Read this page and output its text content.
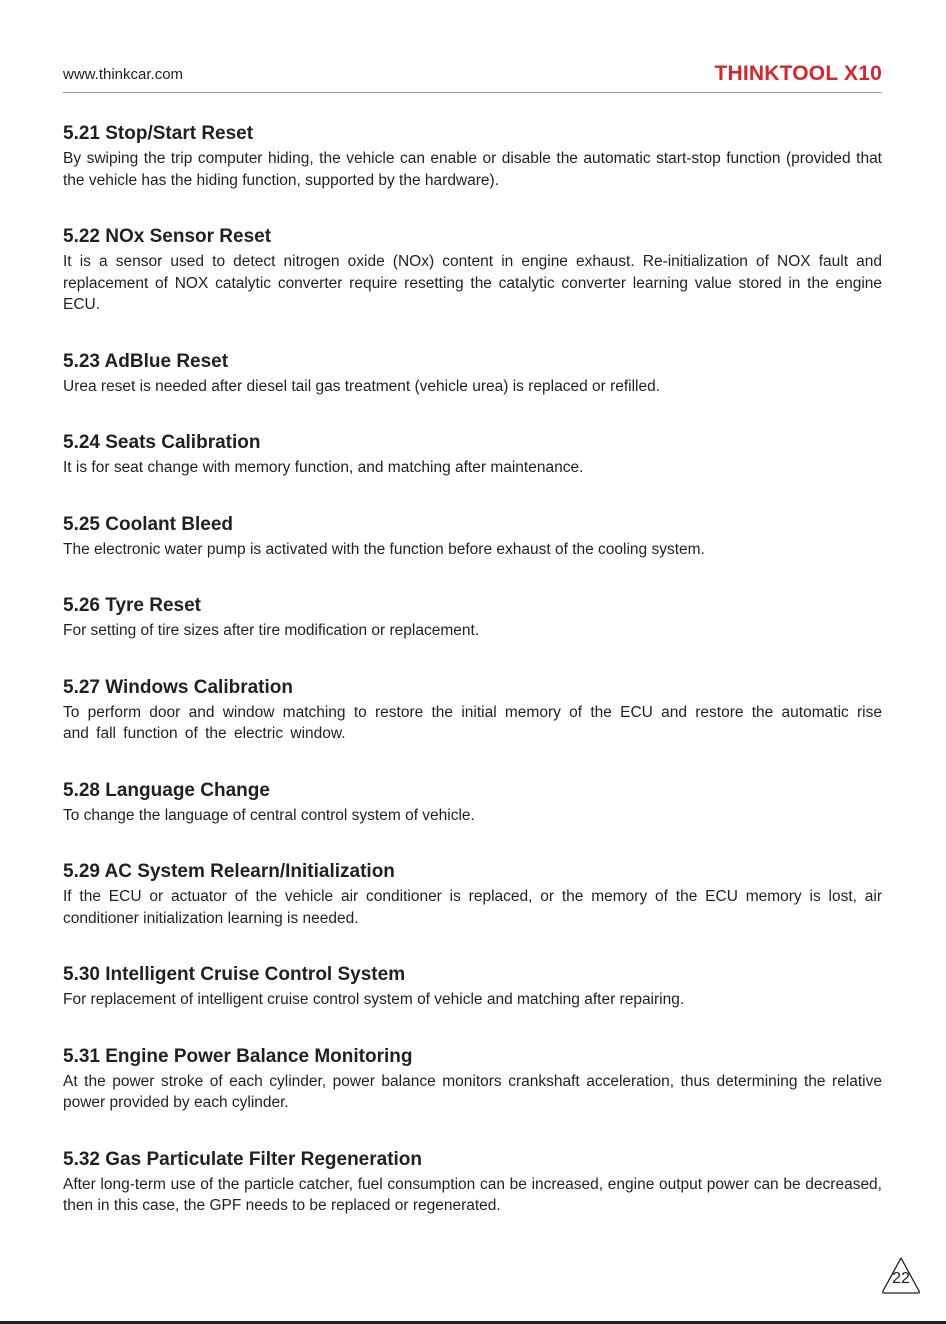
www.thinkcar.com	THINKTOOL X10
5.21 Stop/Start Reset

By swiping the trip computer hiding, the vehicle can enable or disable the automatic start-stop function (provided that the vehicle has the hiding function, supported by the hardware).

5.22 NOx Sensor Reset

It is a sensor used to detect nitrogen oxide (NOx) content in engine exhaust. Re-initialization of NOX fault and replacement of NOX catalytic converter require resetting the catalytic converter learning value stored in the engine ECU.

5.23 AdBlue Reset

Urea reset is needed after diesel tail gas treatment (vehicle urea) is replaced or refilled.

5.24 Seats Calibration

It is for seat change with memory function, and matching after maintenance.

5.25 Coolant Bleed

The electronic water pump is activated with the function before exhaust of the cooling system.

5.26 Tyre Reset

For setting of tire sizes after tire modification or replacement.

5.27 Windows Calibration

To perform door and window matching to restore the initial memory of the ECU and restore the automatic rise and fall function of the electric window.

5.28 Language Change

To change the language of central control system of vehicle.

5.29 AC System Relearn/Initialization

If the ECU or actuator of the vehicle air conditioner is replaced, or the memory of the ECU memory is lost, air conditioner initialization learning is needed.

5.30 Intelligent Cruise Control System

For replacement of intelligent cruise control system of vehicle and matching after repairing.

5.31 Engine Power Balance Monitoring

At the power stroke of each cylinder, power balance monitors crankshaft acceleration, thus determining the relative power provided by each cylinder.

5.32 Gas Particulate Filter Regeneration

After long-term use of the particle catcher, fuel consumption can be increased, engine output power can be decreased, then in this case, the GPF needs to be replaced or regenerated.

22
